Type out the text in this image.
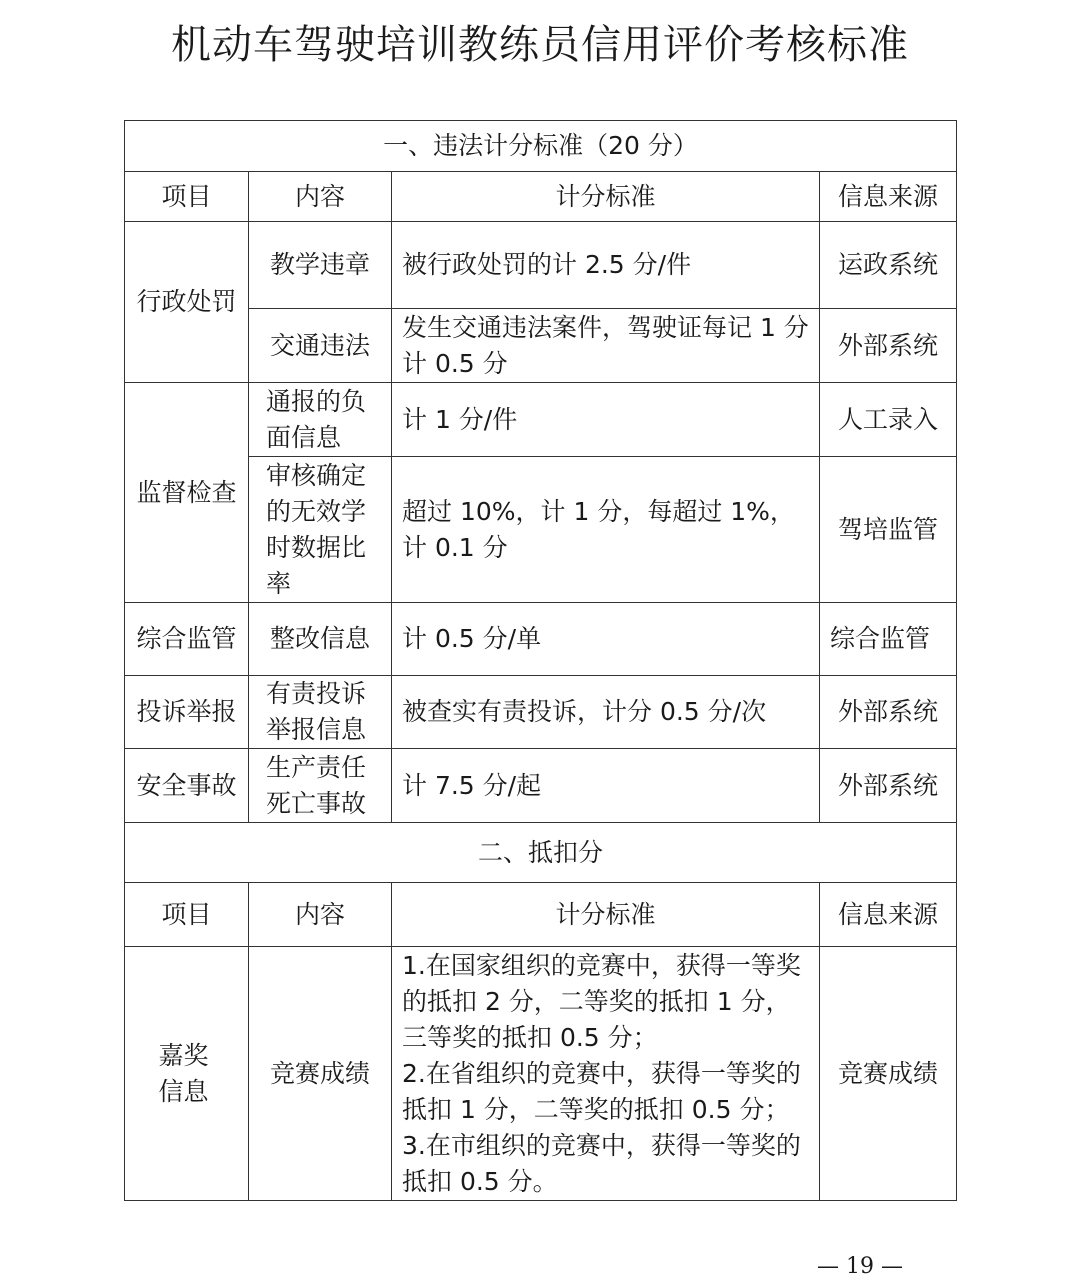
机动车驾驶培训教练员信用评价考核标准
一、违法计分标准（20 分）			
项目	内容	计分标准	信息来源
行政处罚	教学违章	被行政处罚的计 2.5 分/件	运政系统
	交通违法	发生交通违法案件，驾驶证每记 1 分计 0.5 分	外部系统
监督检查	通报的负面信息	计 1 分/件	人工录入
	审核确定的无效学时数据比率	超过 10%，计 1 分，每超过 1%，计 0.1 分	驾培监管
综合监管	整改信息	计 0.5 分/单	综合监管
投诉举报	有责投诉举报信息	被查实有责投诉，计分 0.5 分/次	外部系统
安全事故	生产责任死亡事故	计 7.5 分/起	外部系统
二、抵扣分			
项目	内容	计分标准	信息来源
嘉奖信息	竞赛成绩	1.在国家组织的竞赛中，获得一等奖的抵扣 2 分，二等奖的抵扣 1 分，三等奖的抵扣 0.5 分；
2.在省组织的竞赛中，获得一等奖的抵扣 1 分，二等奖的抵扣 0.5 分；
3.在市组织的竞赛中，获得一等奖的抵扣 0.5 分。	竞赛成绩
— 19 —
